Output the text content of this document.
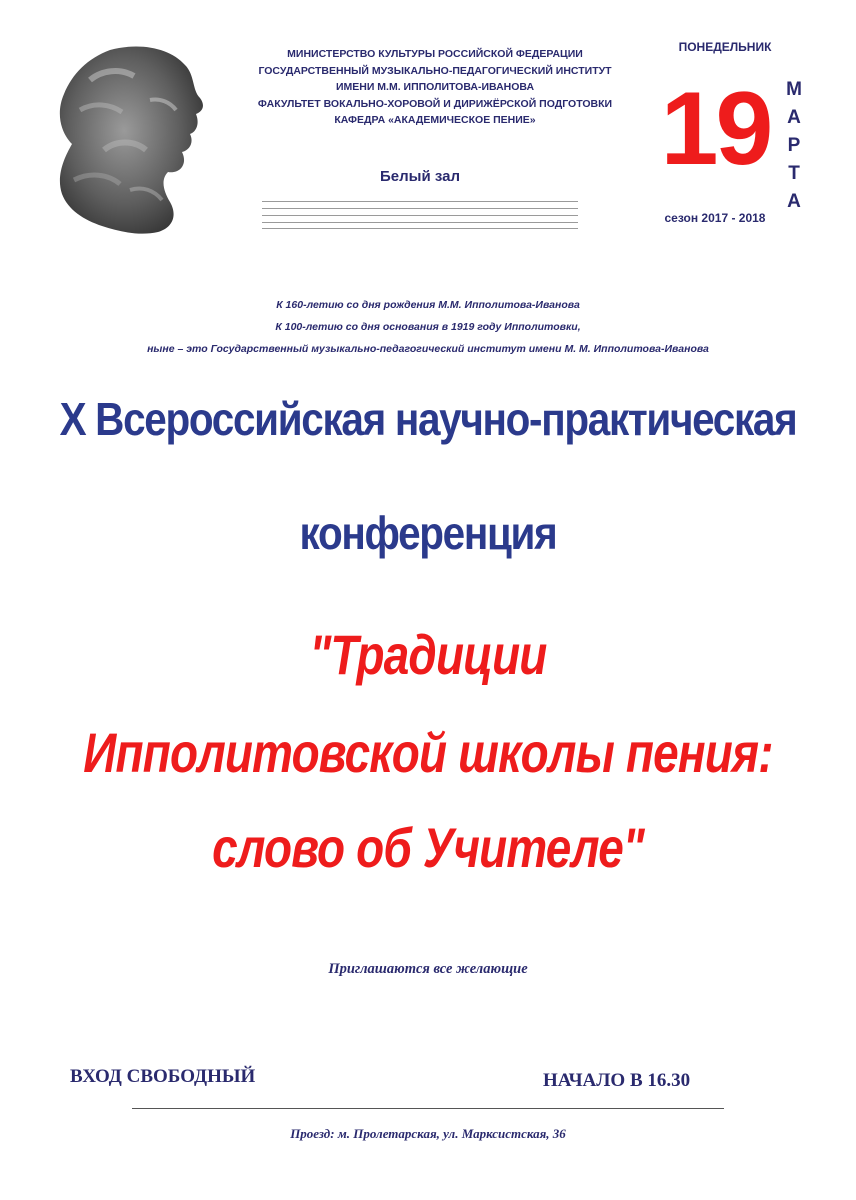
МИНИСТЕРСТВО КУЛЬТУРЫ РОССИЙСКОЙ ФЕДЕРАЦИИ
ГОСУДАРСТВЕННЫЙ МУЗЫКАЛЬНО-ПЕДАГОГИЧЕСКИЙ ИНСТИТУТ
ИМЕНИ М.М. ИППОЛИТОВА-ИВАНОВА
ФАКУЛЬТЕТ ВОКАЛЬНО-ХОРОВОЙ И ДИРИЖЁРСКОЙ ПОДГОТОВКИ
КАФЕДРА «АКАДЕМИЧЕСКОЕ ПЕНИЕ»
Белый зал
ПОНЕДЕЛЬНИК
19 М
А
Р
Т
А
сезон 2017 - 2018
К 160-летию со дня рождения М.М. Ипполитова-Иванова
К 100-летию со дня основания в 1919 году Ипполитовки,
ныне – это Государственный музыкально-педагогический институт имени М. М. Ипполитова-Иванова
X Всероссийская научно-практическая
конференция
"Традиции
Ипполитовской школы пения:
слово об Учителе"
Приглашаются все желающие
ВХОД СВОБОДНЫЙ	НАЧАЛО В 16.30
Проезд: м. Пролетарская, ул. Марксистская, 36
